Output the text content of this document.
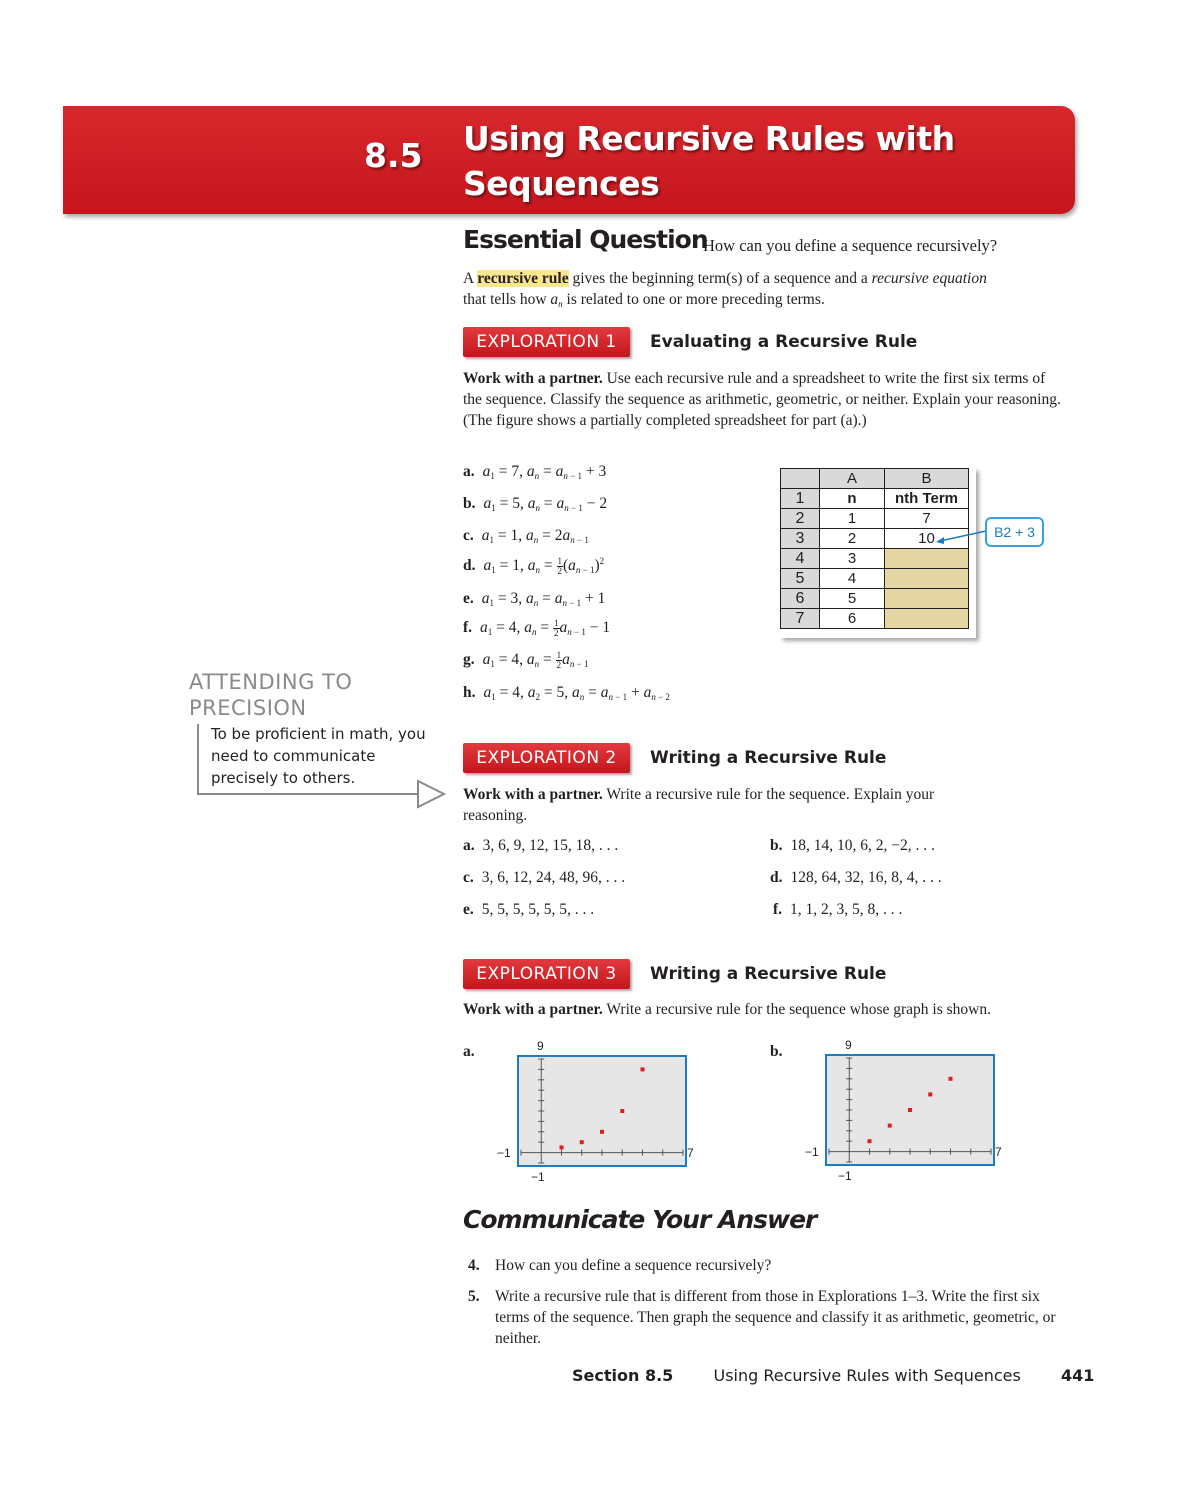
8.5 Using Recursive Rules with Sequences
Essential Question
How can you define a sequence recursively?
A recursive rule gives the beginning term(s) of a sequence and a recursive equation
that tells how $a_n$ is related to one or more preceding terms.
EXPLORATION 1	Evaluating a Recursive Rule
Work with a partner. Use each recursive rule and a spreadsheet to write the first six terms of the sequence. Classify the sequence as arithmetic, geometric, or neither. Explain your reasoning. (The figure shows a partially completed spreadsheet for part (a).)
a. $a_1 = 7$, $a_n = a_{n - 1} + 3$
b. $a_1 = 5$, $a_n = a_{n - 1} - 2$
c. $a_1 = 1$, $a_n = 2a_{n - 1}$
d. $a_1 = 1$, $a_n = \frac{1}{2} (a_{n - 1})^2$
e. $a_1 = 3$, $a_n = a_{n - 1} + 1$
f. $a_1 = 4$, $a_n = \frac{1}{2} a_{n - 1} - 1$
g. $a_1 = 4$, $a_n = \frac{1}{2} a_{n - 1}$
h. $a_1 = 4$, $a_2 = 5$, $a_n = a_{n - 1} + a_{n - 2}$
	A	B
1	n	nth Term
2	1	7
3	2	10
4	3	
5	4	
6	5	
7	6	
B2 + 3
ATTENDING TO PRECISION
To be proficient in math, you need to communicate precisely to others.
EXPLORATION 2	Writing a Recursive Rule
Work with a partner. Write a recursive rule for the sequence. Explain your reasoning.
a. 3, 6, 9, 12, 15, 18, . . .	b. 18, 14, 10, 6, 2, −2, . . .
c. 3, 6, 12, 24, 48, 96, . . .	d. 128, 64, 32, 16, 8, 4, . . .
e. 5, 5, 5, 5, 5, 5, . . .	f. 1, 1, 2, 3, 5, 8, . . .
EXPLORATION 3	Writing a Recursive Rule
Work with a partner. Write a recursive rule for the sequence whose graph is shown.
a.	b.
9
−1	7
−1
9
−1	7
−1
Communicate Your Answer
4. How can you define a sequence recursively?
5. Write a recursive rule that is different from those in Explorations 1–3. Write the first six terms of the sequence. Then graph the sequence and classify it as arithmetic, geometric, or neither.
Section 8.5	Using Recursive Rules with Sequences	441
